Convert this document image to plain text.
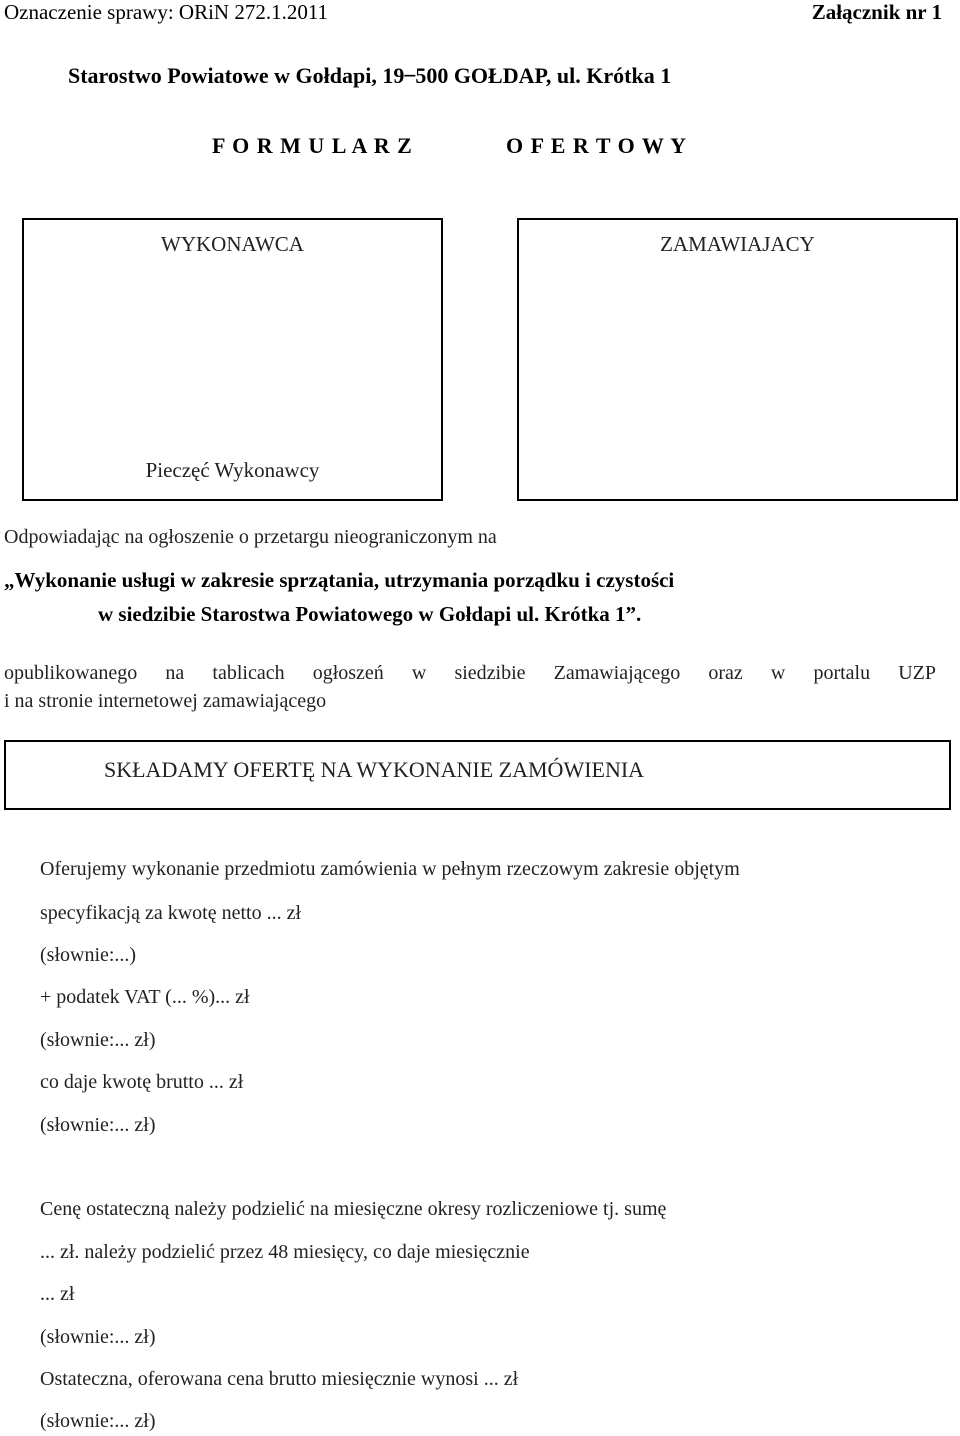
Oznaczenie sprawy: ORiN 272.1.2011	Załącznik nr 1
Starostwo Powiatowe w Gołdapi, 19 ̶ 500 GOŁDAP, ul. Krótka 1
F O R M U L A R Z	O F E R T O W Y
WYKONAWCA
Pieczęć Wykonawcy
ZAMAWIAJACY
Odpowiadając na ogłoszenie o przetargu nieograniczonym na
„Wykonanie usługi w zakresie sprzątania, utrzymania porządku i czystości
w siedzibie Starostwa Powiatowego w Gołdapi ul. Krótka 1”.
opublikowanego na tablicach ogłoszeń w siedzibie Zamawiającego oraz w portalu UZP
i na stronie internetowej zamawiającego
SKŁADAMY OFERTĘ NA WYKONANIE ZAMÓWIENIA
Oferujemy wykonanie przedmiotu zamówienia w pełnym rzeczowym zakresie objętym
specyfikacją za kwotę netto ... zł
(słownie:...)
+ podatek VAT (... %)... zł
(słownie:... zł)
co daje kwotę brutto ... zł
(słownie:... zł)
Cenę ostateczną należy podzielić na miesięczne okresy rozliczeniowe tj. sumę
... zł. należy podzielić przez 48 miesięcy, co daje miesięcznie
... zł
(słownie:... zł)
Ostateczna, oferowana cena brutto miesięcznie wynosi ... zł
(słownie:... zł)
